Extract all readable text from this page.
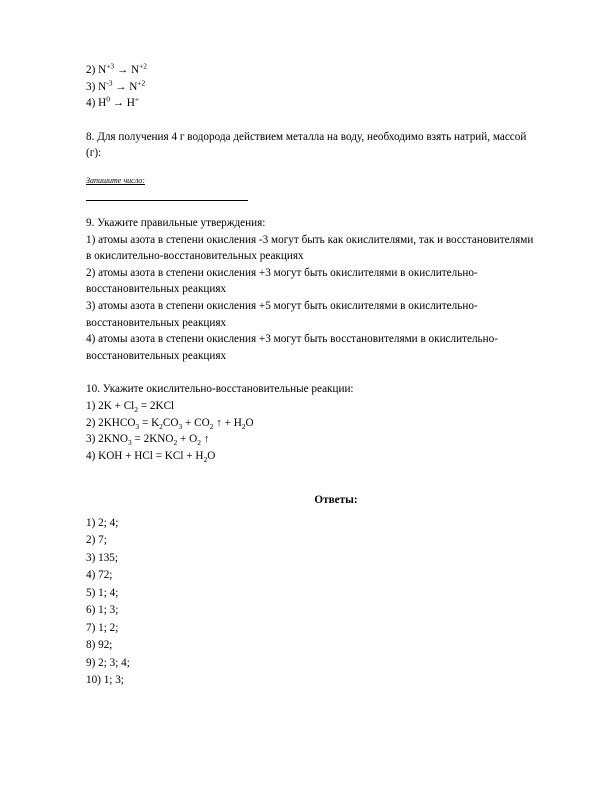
2) $N^{+3} \to N^{+2}$
3) $N^{-3} \to N^{+2}$
4) $H^0 \to H^+$
8. Для получения 4 г водорода действием металла на воду, необходимо взять натрий, массой
(г):
Запишите число:
9. Укажите правильные утверждения:
1) атомы азота в степени окисления -3 могут быть как окислителями, так и восстановителями
в окислительно-восстановительных реакциях
2) атомы азота в степени окисления +3 могут быть окислителями в окислительно-
восстановительных реакциях
3) атомы азота в степени окисления +5 могут быть окислителями в окислительно-
восстановительных реакциях
4) атомы азота в степени окисления +3 могут быть восстановителями в окислительно-
восстановительных реакциях
10. Укажите окислительно-восстановительные реакции:
1) $2K + Cl_2 = 2KCl$
2) $2KHCO_3 = K_2CO_3 + CO_2$ ↑ + $H_2O$
3) $2KNO_3 = 2KNO_2 + O_2$ ↑
4) KOH + HCl = KCl + $H_2O$
Ответы:
1) 2; 4;
2) 7;
3) 135;
4) 72;
5) 1; 4;
6) 1; 3;
7) 1; 2;
8) 92;
9) 2; 3; 4;
10) 1; 3;
